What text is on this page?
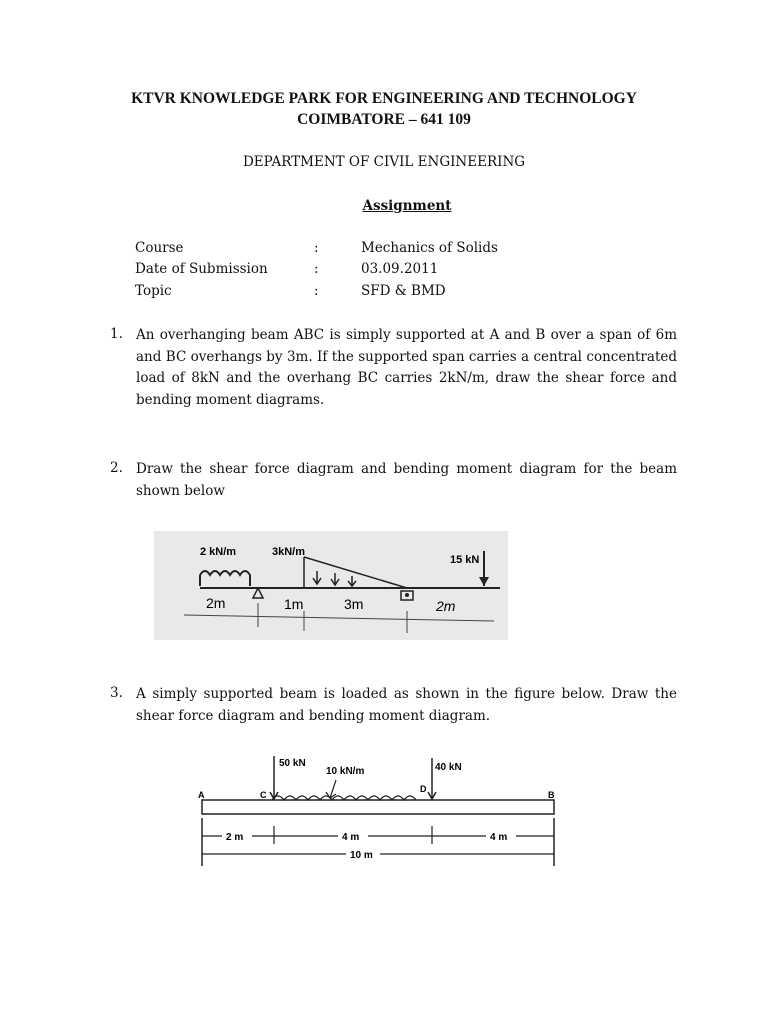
KTVR KNOWLEDGE PARK FOR ENGINEERING AND TECHNOLOGY
COIMBATORE – 641 109
DEPARTMENT OF CIVIL ENGINEERING
Assignment
Course	:	Mechanics of Solids
Date of Submission	:	03.09.2011
Topic	:	SFD & BMD
1. An overhanging beam ABC is simply supported at A and B over a span of 6m and BC overhangs by 3m. If the supported span carries a central concentrated load of 8kN and the overhang BC carries 2kN/m, draw the shear force and bending moment diagrams.
2. Draw the shear force diagram and bending moment diagram for the beam shown below
2 kN/m	3kN/m
15 kN
2m	1m	3m	2m
3. A simply supported beam is loaded as shown in the figure below. Draw the shear force diagram and bending moment diagram.
10 kN/m
50 kN	40 kN
A	C
D
B
2 m	4 m	4 m
10 m
